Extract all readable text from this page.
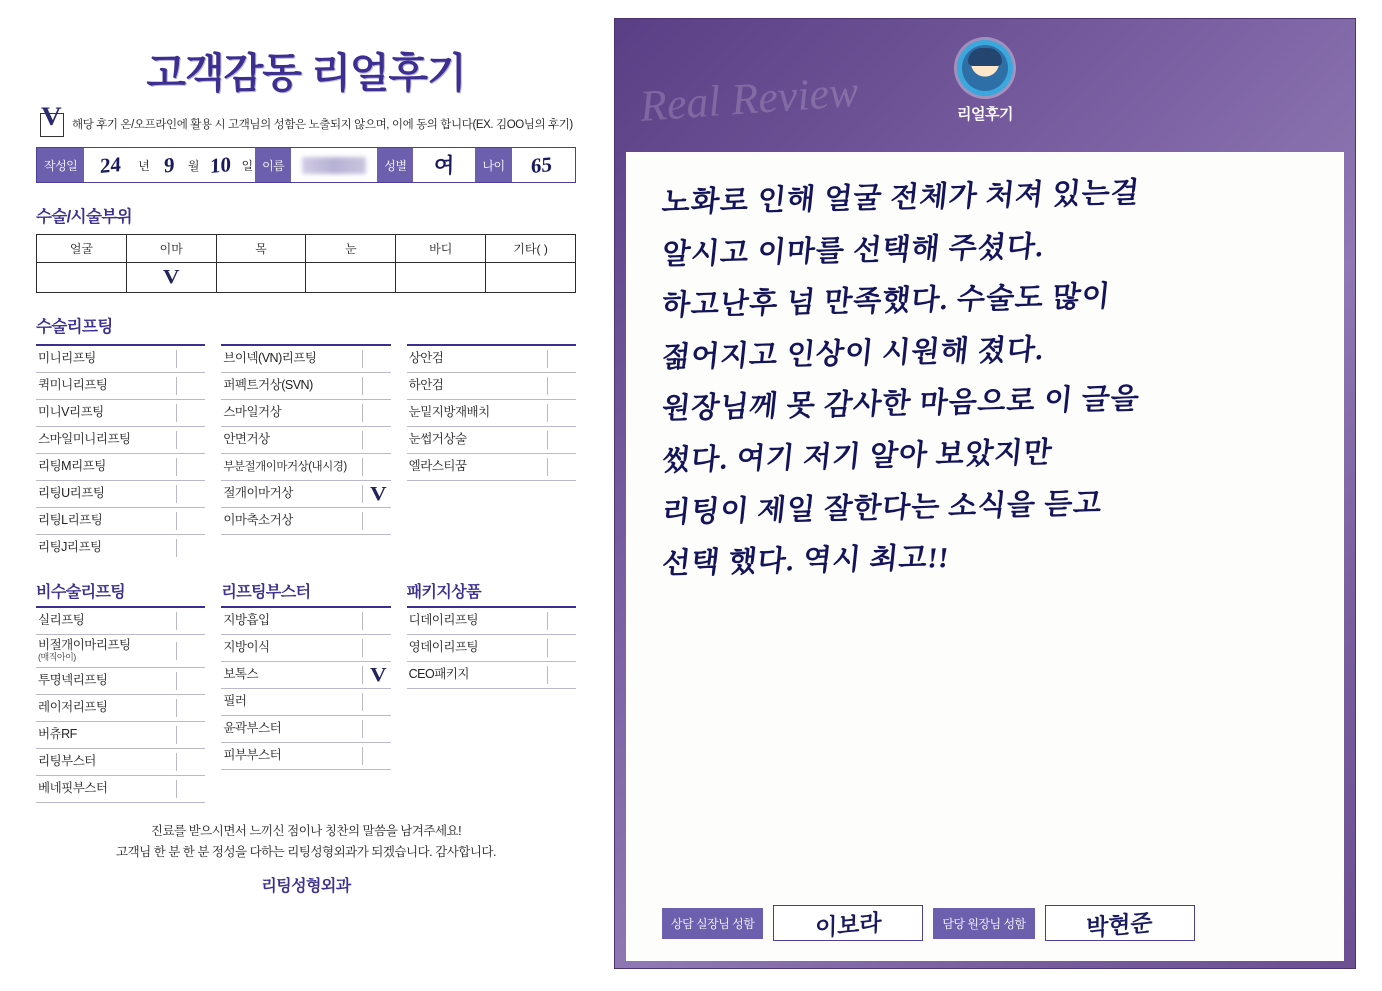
고객감동 리얼후기
V 해당 후기 온/오프라인에 활용 시 고객님의 성함은 노출되지 않으며, 이에 동의 합니다(EX. 김OO님의 후기)
작성일	24 년 9 월 10 일 이름	성별	여	나이	65
수술/시술부위
얼굴	이마	목	눈	바디	기타( )
	V				
수술리프팅
미니리프팅
퀵미니리프팅
미니V리프팅
스마일미니리프팅
리팅M리프팅
리팅U리프팅
리팅L리프팅
리팅J리프팅
브이넥(VN)리프팅
퍼펙트거상(SVN)
스마일거상
안면거상
부분절개이마거상(내시경)
절개이마거상	V
이마축소거상
상안검
하안검
눈밑지방재배치
눈썹거상술
엘라스티꿈
비수술리프팅
실리프팅
비절개이마리프팅
(매직아이)
투명넥리프팅
레이저리프팅
버츄RF
리팅부스터
베네핏부스터
리프팅부스터
지방흡입
지방이식
보톡스	V
필러
윤곽부스터
피부부스터
패키지상품
디데이리프팅
영데이리프팅
CEO패키지
진료를 받으시면서 느끼신 점이나 칭찬의 말씀을 남겨주세요!
고객님 한 분 한 분 정성을 다하는 리팅성형외과가 되겠습니다. 감사합니다.
리팅성형외과
Real Review	리얼후기
노화로 인해 얼굴 전체가 처져 있는걸
알시고 이마를 선택해 주셨다.
하고난후 넘 만족했다. 수술도 많이
젊어지고 인상이 시원해 졌다.
원장님께 못 감사한 마음으로 이 글을
썼다. 여기 저기 알아 보았지만
리팅이 제일 잘한다는 소식을 듣고
선택 했다. 역시 최고!!
상담 실장님 성함	이보라	담당 원장님 성함	박현준
